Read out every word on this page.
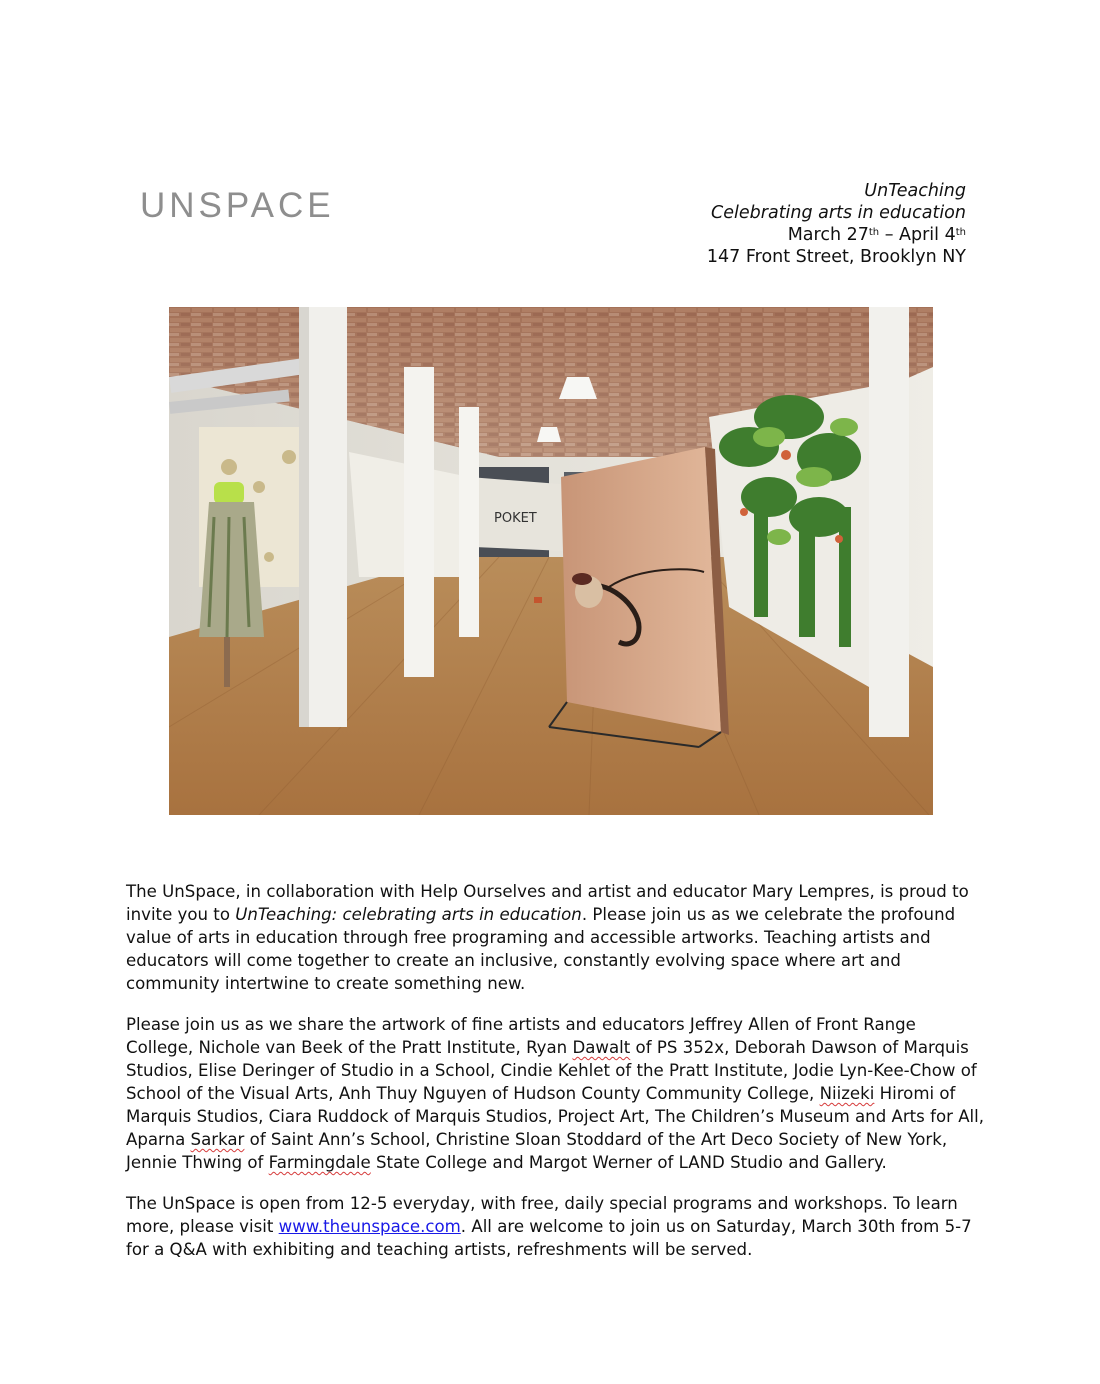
UNSPACE	UnTeaching
Celebrating arts in education
March 27th – April 4th
147 Front Street, Brooklyn NY
POKET

The UnSpace, in collaboration with Help Ourselves and artist and educator Mary Lempres, is proud to invite you to UnTeaching: celebrating arts in education. Please join us as we celebrate the profound value of arts in education through free programing and accessible artworks. Teaching artists and educators will come together to create an inclusive, constantly evolving space where art and community intertwine to create something new.

Please join us as we share the artwork of fine artists and educators Jeffrey Allen of Front Range College, Nichole van Beek of the Pratt Institute, Ryan Dawalt of PS 352x, Deborah Dawson of Marquis Studios, Elise Deringer of Studio in a School, Cindie Kehlet of the Pratt Institute, Jodie Lyn-Kee-Chow of School of the Visual Arts, Anh Thuy Nguyen of Hudson County Community College, Niizeki Hiromi of Marquis Studios, Ciara Ruddock of Marquis Studios, Project Art, The Children’s Museum and Arts for All, Aparna Sarkar of Saint Ann’s School, Christine Sloan Stoddard of the Art Deco Society of New York, Jennie Thwing of Farmingdale State College and Margot Werner of LAND Studio and Gallery.

The UnSpace is open from 12-5 everyday, with free, daily special programs and workshops. To learn more, please visit www.theunspace.com. All are welcome to join us on Saturday, March 30th from 5-7 for a Q&A with exhibiting and teaching artists, refreshments will be served.
